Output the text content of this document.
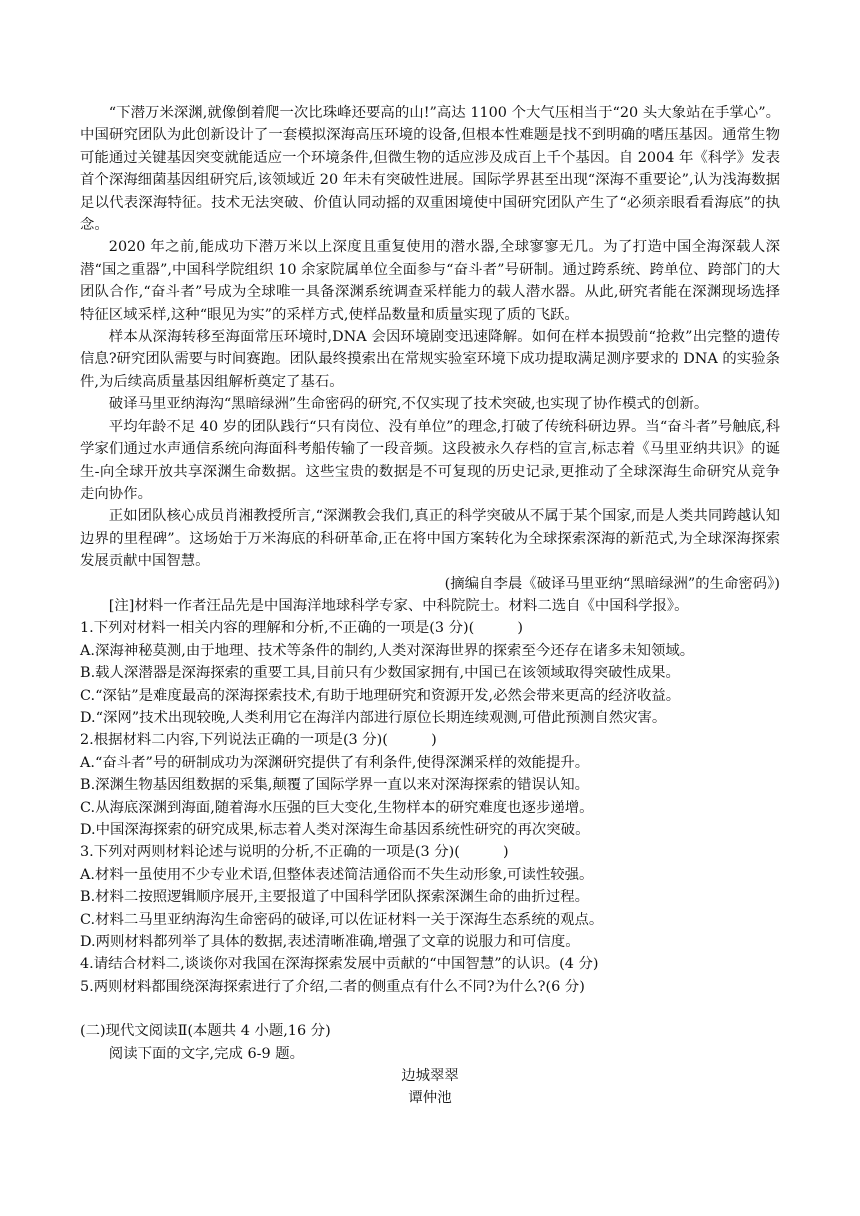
“下潜万米深渊,就像倒着爬一次比珠峰还要高的山!”高达 1100 个大气压相当于“20 头大象站在手掌心”。中国研究团队为此创新设计了一套模拟深海高压环境的设备,但根本性难题是找不到明确的嗜压基因。通常生物可能通过关键基因突变就能适应一个环境条件,但微生物的适应涉及成百上千个基因。自 2004 年《科学》发表首个深海细菌基因组研究后,该领域近 20 年未有突破性进展。国际学界甚至出现“深海不重要论”,认为浅海数据足以代表深海特征。技术无法突破、价值认同动摇的双重困境使中国研究团队产生了“必须亲眼看看海底”的执念。

2020 年之前,能成功下潜万米以上深度且重复使用的潜水器,全球寥寥无几。为了打造中国全海深载人深潜“国之重器”,中国科学院组织 10 余家院属单位全面参与“奋斗者”号研制。通过跨系统、跨单位、跨部门的大团队合作,“奋斗者”号成为全球唯一具备深渊系统调查采样能力的载人潜水器。从此,研究者能在深渊现场选择特征区域采样,这种“眼见为实”的采样方式,使样品数量和质量实现了质的飞跃。

样本从深海转移至海面常压环境时,DNA 会因环境剧变迅速降解。如何在样本损毁前“抢救”出完整的遗传信息?研究团队需要与时间赛跑。团队最终摸索出在常规实验室环境下成功提取满足测序要求的 DNA 的实验条件,为后续高质量基因组解析奠定了基石。

破译马里亚纳海沟“黑暗绿洲”生命密码的研究,不仅实现了技术突破,也实现了协作模式的创新。

平均年龄不足 40 岁的团队践行“只有岗位、没有单位”的理念,打破了传统科研边界。当“奋斗者”号触底,科学家们通过水声通信系统向海面科考船传输了一段音频。这段被永久存档的宣言,标志着《马里亚纳共识》的诞生-向全球开放共享深渊生命数据。这些宝贵的数据是不可复现的历史记录,更推动了全球深海生命研究从竞争走向协作。

正如团队核心成员肖湘教授所言,“深渊教会我们,真正的科学突破从不属于某个国家,而是人类共同跨越认知边界的里程碑”。这场始于万米海底的科研革命,正在将中国方案转化为全球探索深海的新范式,为全球深海探索发展贡献中国智慧。

(摘编自李晨《破译马里亚纳“黑暗绿洲”的生命密码》)

[注]材料一作者汪品先是中国海洋地球科学专家、中科院院士。材料二选自《中国科学报》。

1.下列对材料一相关内容的理解和分析,不正确的一项是(3 分)(　　　)

A.深海神秘莫测,由于地理、技术等条件的制约,人类对深海世界的探索至今还存在诸多未知领域。

B.载人深潜器是深海探索的重要工具,目前只有少数国家拥有,中国已在该领域取得突破性成果。

C.“深钻”是难度最高的深海探索技术,有助于地理研究和资源开发,必然会带来更高的经济收益。

D.“深网”技术出现较晚,人类利用它在海洋内部进行原位长期连续观测,可借此预测自然灾害。

2.根据材料二内容,下列说法正确的一项是(3 分)(　　　)

A.“奋斗者”号的研制成功为深渊研究提供了有利条件,使得深渊采样的效能提升。

B.深渊生物基因组数据的采集,颠覆了国际学界一直以来对深海探索的错误认知。

C.从海底深渊到海面,随着海水压强的巨大变化,生物样本的研究难度也逐步递增。

D.中国深海探索的研究成果,标志着人类对深海生命基因系统性研究的再次突破。

3.下列对两则材料论述与说明的分析,不正确的一项是(3 分)(　　　)

A.材料一虽使用不少专业术语,但整体表述简洁通俗而不失生动形象,可读性较强。

B.材料二按照逻辑顺序展开,主要报道了中国科学团队探索深渊生命的曲折过程。

C.材料二马里亚纳海沟生命密码的破译,可以佐证材料一关于深海生态系统的观点。

D.两则材料都列举了具体的数据,表述清晰准确,增强了文章的说服力和可信度。

4.请结合材料二,谈谈你对我国在深海探索发展中贡献的“中国智慧”的认识。(4 分)

5.两则材料都围绕深海探索进行了介绍,二者的侧重点有什么不同?为什么?(6 分)

(二)现代文阅读Ⅱ(本题共 4 小题,16 分)

阅读下面的文字,完成 6-9 题。

边城翠翠

谭仲池
